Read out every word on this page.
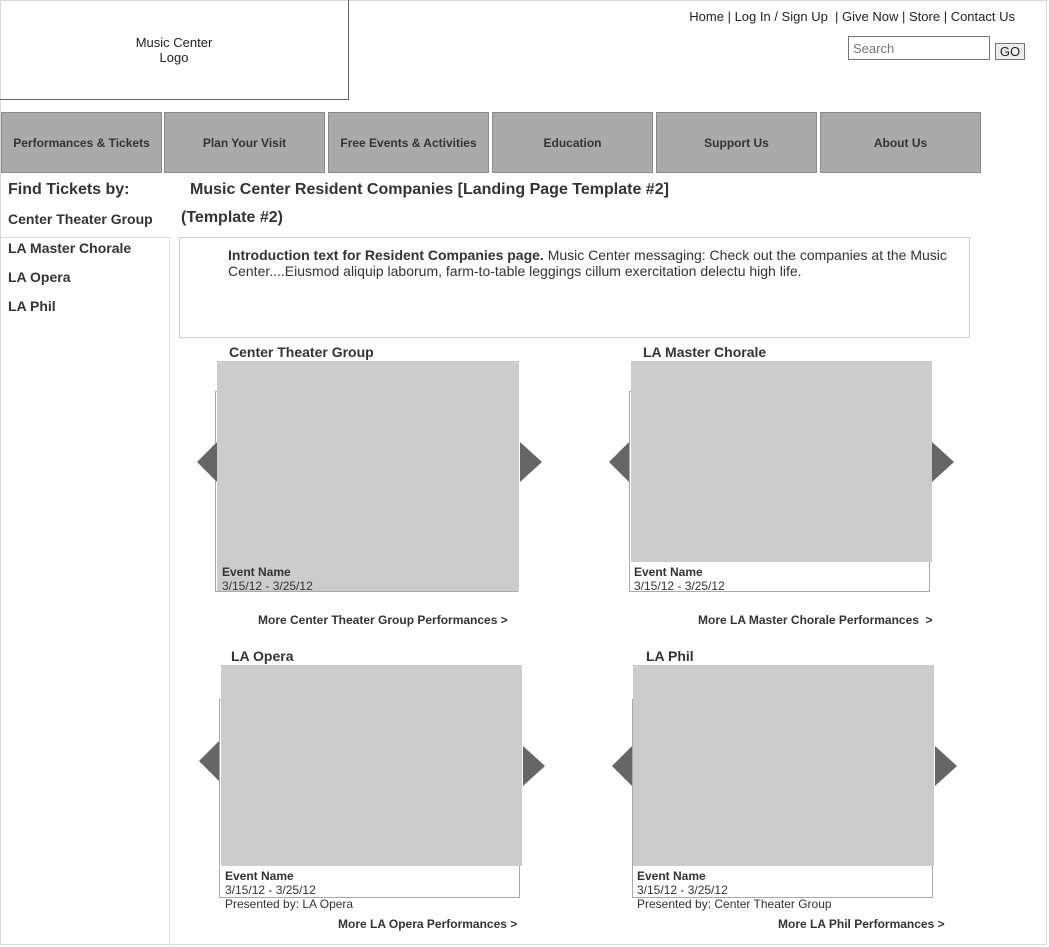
Music Center
Logo
Home | Log In / Sign Up  | Give Now | Store | Contact Us
Search
GO
Performances & Tickets	Plan Your Visit	Free Events & Activities	Education	Support Us	About Us
Find Tickets by:
Center Theater Group
LA Master Chorale
LA Opera
LA Phil
Music Center Resident Companies [Landing Page Template #2]
(Template #2)
Introduction text for Resident Companies page. Music Center messaging: Check out the companies at the Music Center....Eiusmod aliquip laborum, farm-to-table leggings cillum exercitation delectu high life.
Center Theater Group
Event Name
3/15/12 - 3/25/12
More Center Theater Group Performances >
LA Master Chorale
Event Name
3/15/12 - 3/25/12
More LA Master Chorale Performances  >
LA Opera
Event Name
3/15/12 - 3/25/12
Presented by: LA Opera
More LA Opera Performances >
LA Phil
Event Name
3/15/12 - 3/25/12
Presented by: Center Theater Group
More LA Phil Performances >
